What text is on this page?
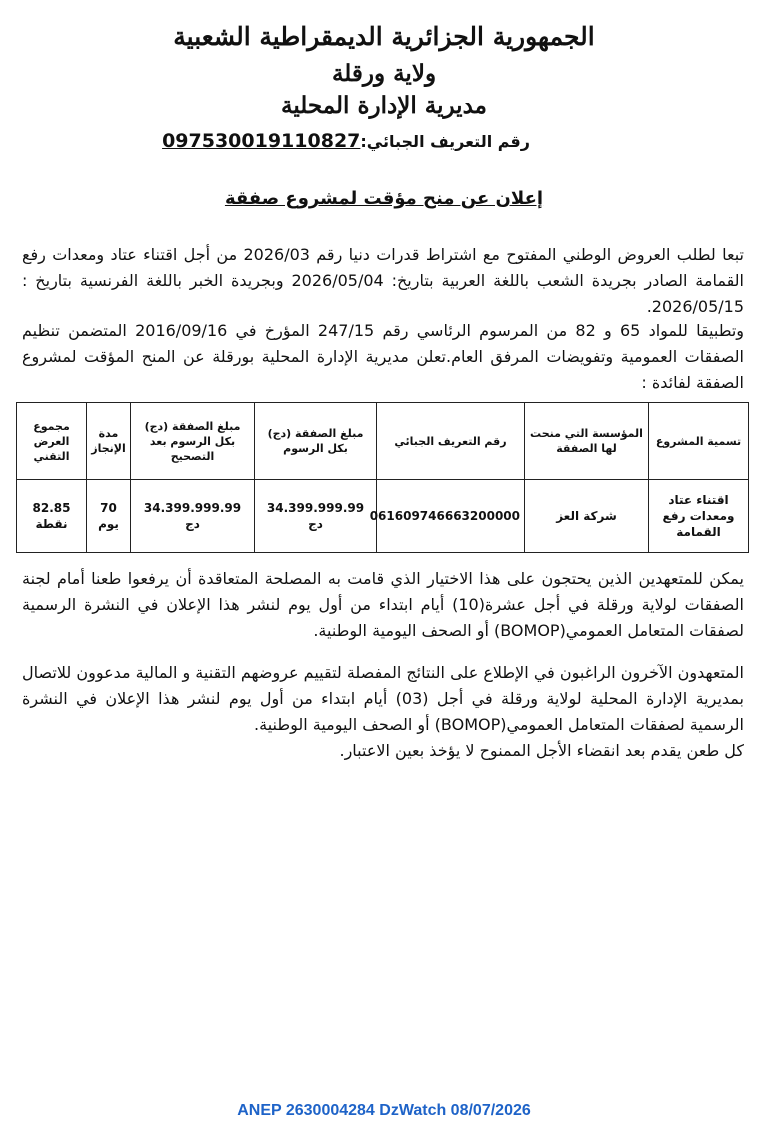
الجمهورية الجزائرية الديمقراطية الشعبية
ولاية ورقلة
مديرية الإدارة المحلية
رقم التعريف الجبائي:097530019110827
إعلان عن منح مؤقت لمشروع صفقة
تبعا لطلب العروض الوطني المفتوح مع اشتراط قدرات دنيا رقم 2026/03 من أجل اقتناء عتاد ومعدات رفع القمامة الصادر بجريدة الشعب باللغة العربية بتاريخ: 2026/05/04 وبجريدة الخبر باللغة الفرنسية بتاريخ : 2026/05/15.
وتطبيقا للمواد 65 و 82 من المرسوم الرئاسي رقم 247/15 المؤرخ في 2016/09/16 المتضمن تنظيم الصفقات العمومية وتفويضات المرفق العام.تعلن مديرية الإدارة المحلية بورقلة عن المنح المؤقت لمشروع الصفقة لفائدة :
تسمية المشروع	المؤسسة التي منحت لها الصفقة	رقم التعريف الجبائي	مبلغ الصفقة (دج) بكل الرسوم	مبلغ الصفقة (دج) بكل الرسوم بعد التصحيح	مدة الإنجاز	مجموع العرض التقني
اقتناء عتاد ومعدات رفع القمامة	شركة العز	061609746663200000	34.399.999.99 دج	34.399.999.99 دج	70 يوم	82.85 نقطة
يمكن للمتعهدين الذين يحتجون على هذا الاختيار الذي قامت به المصلحة المتعاقدة أن يرفعوا طعنا أمام لجنة الصفقات لولاية ورقلة في أجل عشرة(10) أيام ابتداء من أول يوم لنشر هذا الإعلان في النشرة الرسمية لصفقات المتعامل العمومي(BOMOP) أو الصحف اليومية الوطنية.
المتعهدون الآخرون الراغبون في الإطلاع على النتائج المفصلة لتقييم عروضهم التقنية و المالية مدعوون للاتصال بمديرية الإدارة المحلية لولاية ورقلة في أجل (03) أيام ابتداء من أول يوم لنشر هذا الإعلان في النشرة الرسمية لصفقات المتعامل العمومي(BOMOP) أو الصحف اليومية الوطنية.

كل طعن يقدم بعد انقضاء الأجل الممنوح لا يؤخذ بعين الاعتبار.

ANEP 2630004284 DzWatch 08/07/2026
